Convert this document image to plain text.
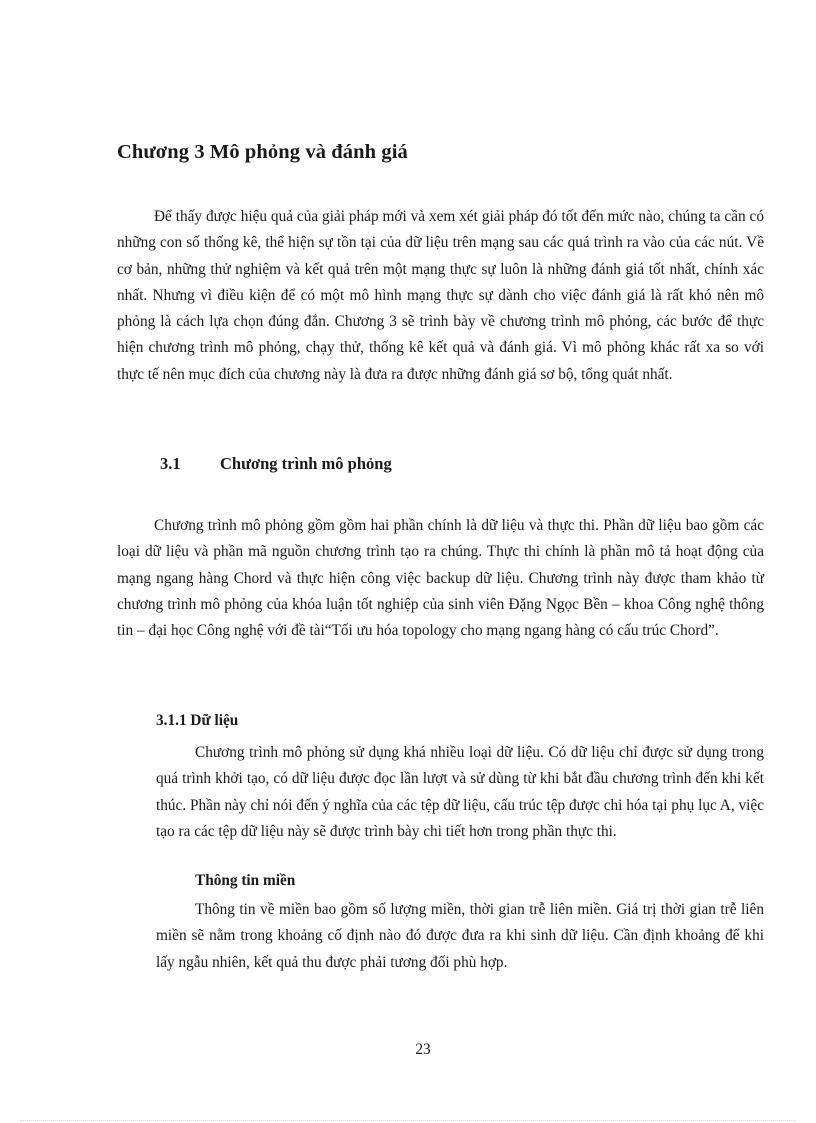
Chương 3 Mô phỏng và đánh giá

Để thấy được hiệu quả của giải pháp mới và xem xét giải pháp đó tốt đến mức nào, chúng ta cần có những con số thống kê, thể hiện sự tồn tại của dữ liệu trên mạng sau các quá trình ra vào của các nút. Về cơ bản, những thử nghiệm và kết quả trên một mạng thực sự luôn là những đánh giá tốt nhất, chính xác nhất. Nhưng vì điều kiện để có một mô hình mạng thực sự dành cho việc đánh giá là rất khó nên mô phỏng là cách lựa chọn đúng đắn. Chương 3 sẽ trình bày về chương trình mô phỏng, các bước để thực hiện chương trình mô phỏng, chạy thử, thống kê kết quả và đánh giá. Vì mô phỏng khác rất xa so với thực tế nên mục đích của chương này là đưa ra được những đánh giá sơ bộ, tổng quát nhất.

3.1	Chương trình mô phỏng

Chương trình mô phỏng gồm gồm hai phần chính là dữ liệu và thực thi. Phần dữ liệu bao gồm các loại dữ liệu và phần mã nguồn chương trình tạo ra chúng. Thực thi chính là phần mô tả hoạt động của mạng ngang hàng Chord và thực hiện công việc backup dữ liệu. Chương trình này được tham khảo từ chương trình mô phỏng của khóa luận tốt nghiệp của sinh viên Đặng Ngọc Bền – khoa Công nghệ thông tin – đại học Công nghệ với đề tài“Tối ưu hóa topology cho mạng ngang hàng có cấu trúc Chord”.

3.1.1 Dữ liệu

Chương trình mô phỏng sử dụng khá nhiều loại dữ liệu. Có dữ liệu chỉ được sử dụng trong quá trình khởi tạo, có dữ liệu được đọc lần lượt và sử dùng từ khi bắt đầu chương trình đến khi kết thúc. Phần này chỉ nói đến ý nghĩa của các tệp dữ liệu, cấu trúc tệp được chi hóa tại phụ lục A, việc tạo ra các tệp dữ liệu này sẽ được trình bày chi tiết hơn trong phần thực thi.

Thông tin miền

Thông tin về miền bao gồm số lượng miền, thời gian trễ liên miền. Giá trị thời gian trễ liên miền sẽ nằm trong khoảng cố định nào đó được đưa ra khi sinh dữ liệu. Cần định khoảng để khi lấy ngẫu nhiên, kết quả thu được phải tương đối phù hợp.

23
